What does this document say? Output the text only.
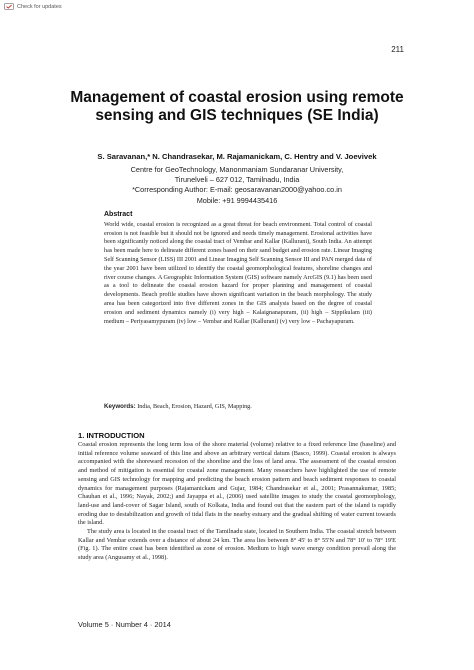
Check for updates
211
Management of coastal erosion using remote sensing and GIS techniques (SE India)
S. Saravanan,* N. Chandrasekar, M. Rajamanickam, C. Hentry and V. Joevivek
Centre for GeoTechnology, Manonmaniam Sundaranar University,
Tirunelveli – 627 012, Tamilnadu, India
*Corresponding Author: E-mail: geosaravanan2000@yahoo.co.in
Mobile: +91 9994435416
Abstract

World wide, coastal erosion is recognized as a great threat for beach environment. Total control of coastal erosion is not feasible but it should not be ignored and needs timely management. Erosional activities have been significantly noticed along the coastal tract of Vembar and Kallar (Kallurani), South India. An attempt has been made here to delineate different zones based on their sand budget and erosion rate. Linear Imaging Self Scanning Sensor (LISS) III 2001 and Linear Imaging Self Scanning Sensor III and PAN merged data of the year 2001 have been utilized to identify the coastal geomorphological features, shoreline changes and river course changes. A Geographic Information System (GIS) software namely ArcGIS (9.1) has been used as a tool to delineate the coastal erosion hazard for proper planning and management of coastal developments. Beach profile studies have shown significant variation in the beach morphology. The study area has been categorized into five different zones in the GIS analysis based on the degree of coastal erosion and sediment dynamics namely (i) very high – Kalaignanapuram, (ii) high – Sippikulam (iii) medium – Periyasamypuram (iv) low – Vembar and Kallar (Kallurani) (v) very low – Pachayapuram.

Keywords: India, Beach, Erosion, Hazard, GIS, Mapping.
1. INTRODUCTION

Coastal erosion represents the long term loss of the shore material (volume) relative to a fixed reference line (baseline) and initial reference volume seaward of this line and above an arbitrary vertical datum (Basco, 1999). Coastal erosion is always accompanied with the shoreward recession of the shoreline and the loss of land area. The assessment of the coastal erosion and method of mitigation is essential for coastal zone management. Many researchers have highlighted the use of remote sensing and GIS technology for mapping and predicting the beach erosion pattern and beach sediment responses to coastal dynamics for management purposes (Rajamanickam and Gujar, 1984; Chandrasekar et al., 2001; Prasannakumar, 1985; Chauhan et al., 1996; Nayak, 2002;) and Jayappa et al., (2006) used satellite images to study the coastal geomorphology, land-use and land-cover of Sagar Island, south of Kolkata, India and found out that the eastern part of the island is rapidly eroding due to destabilization and growth of tidal flats in the nearby estuary and the gradual shifting of water current towards the island.

The study area is located in the coastal tract of the Tamilnadu state, located in Southern India. The coastal stretch between Kallar and Vembar extends over a distance of about 24 km. The area lies between 8° 45' to 8° 55'N and 78° 10' to 78° 19'E (Fig. 1). The entire coast has been identified as zone of erosion. Medium to high wave energy condition prevail along the study area (Angusamy et al., 1998).

Volume 5 · Number 4 · 2014
